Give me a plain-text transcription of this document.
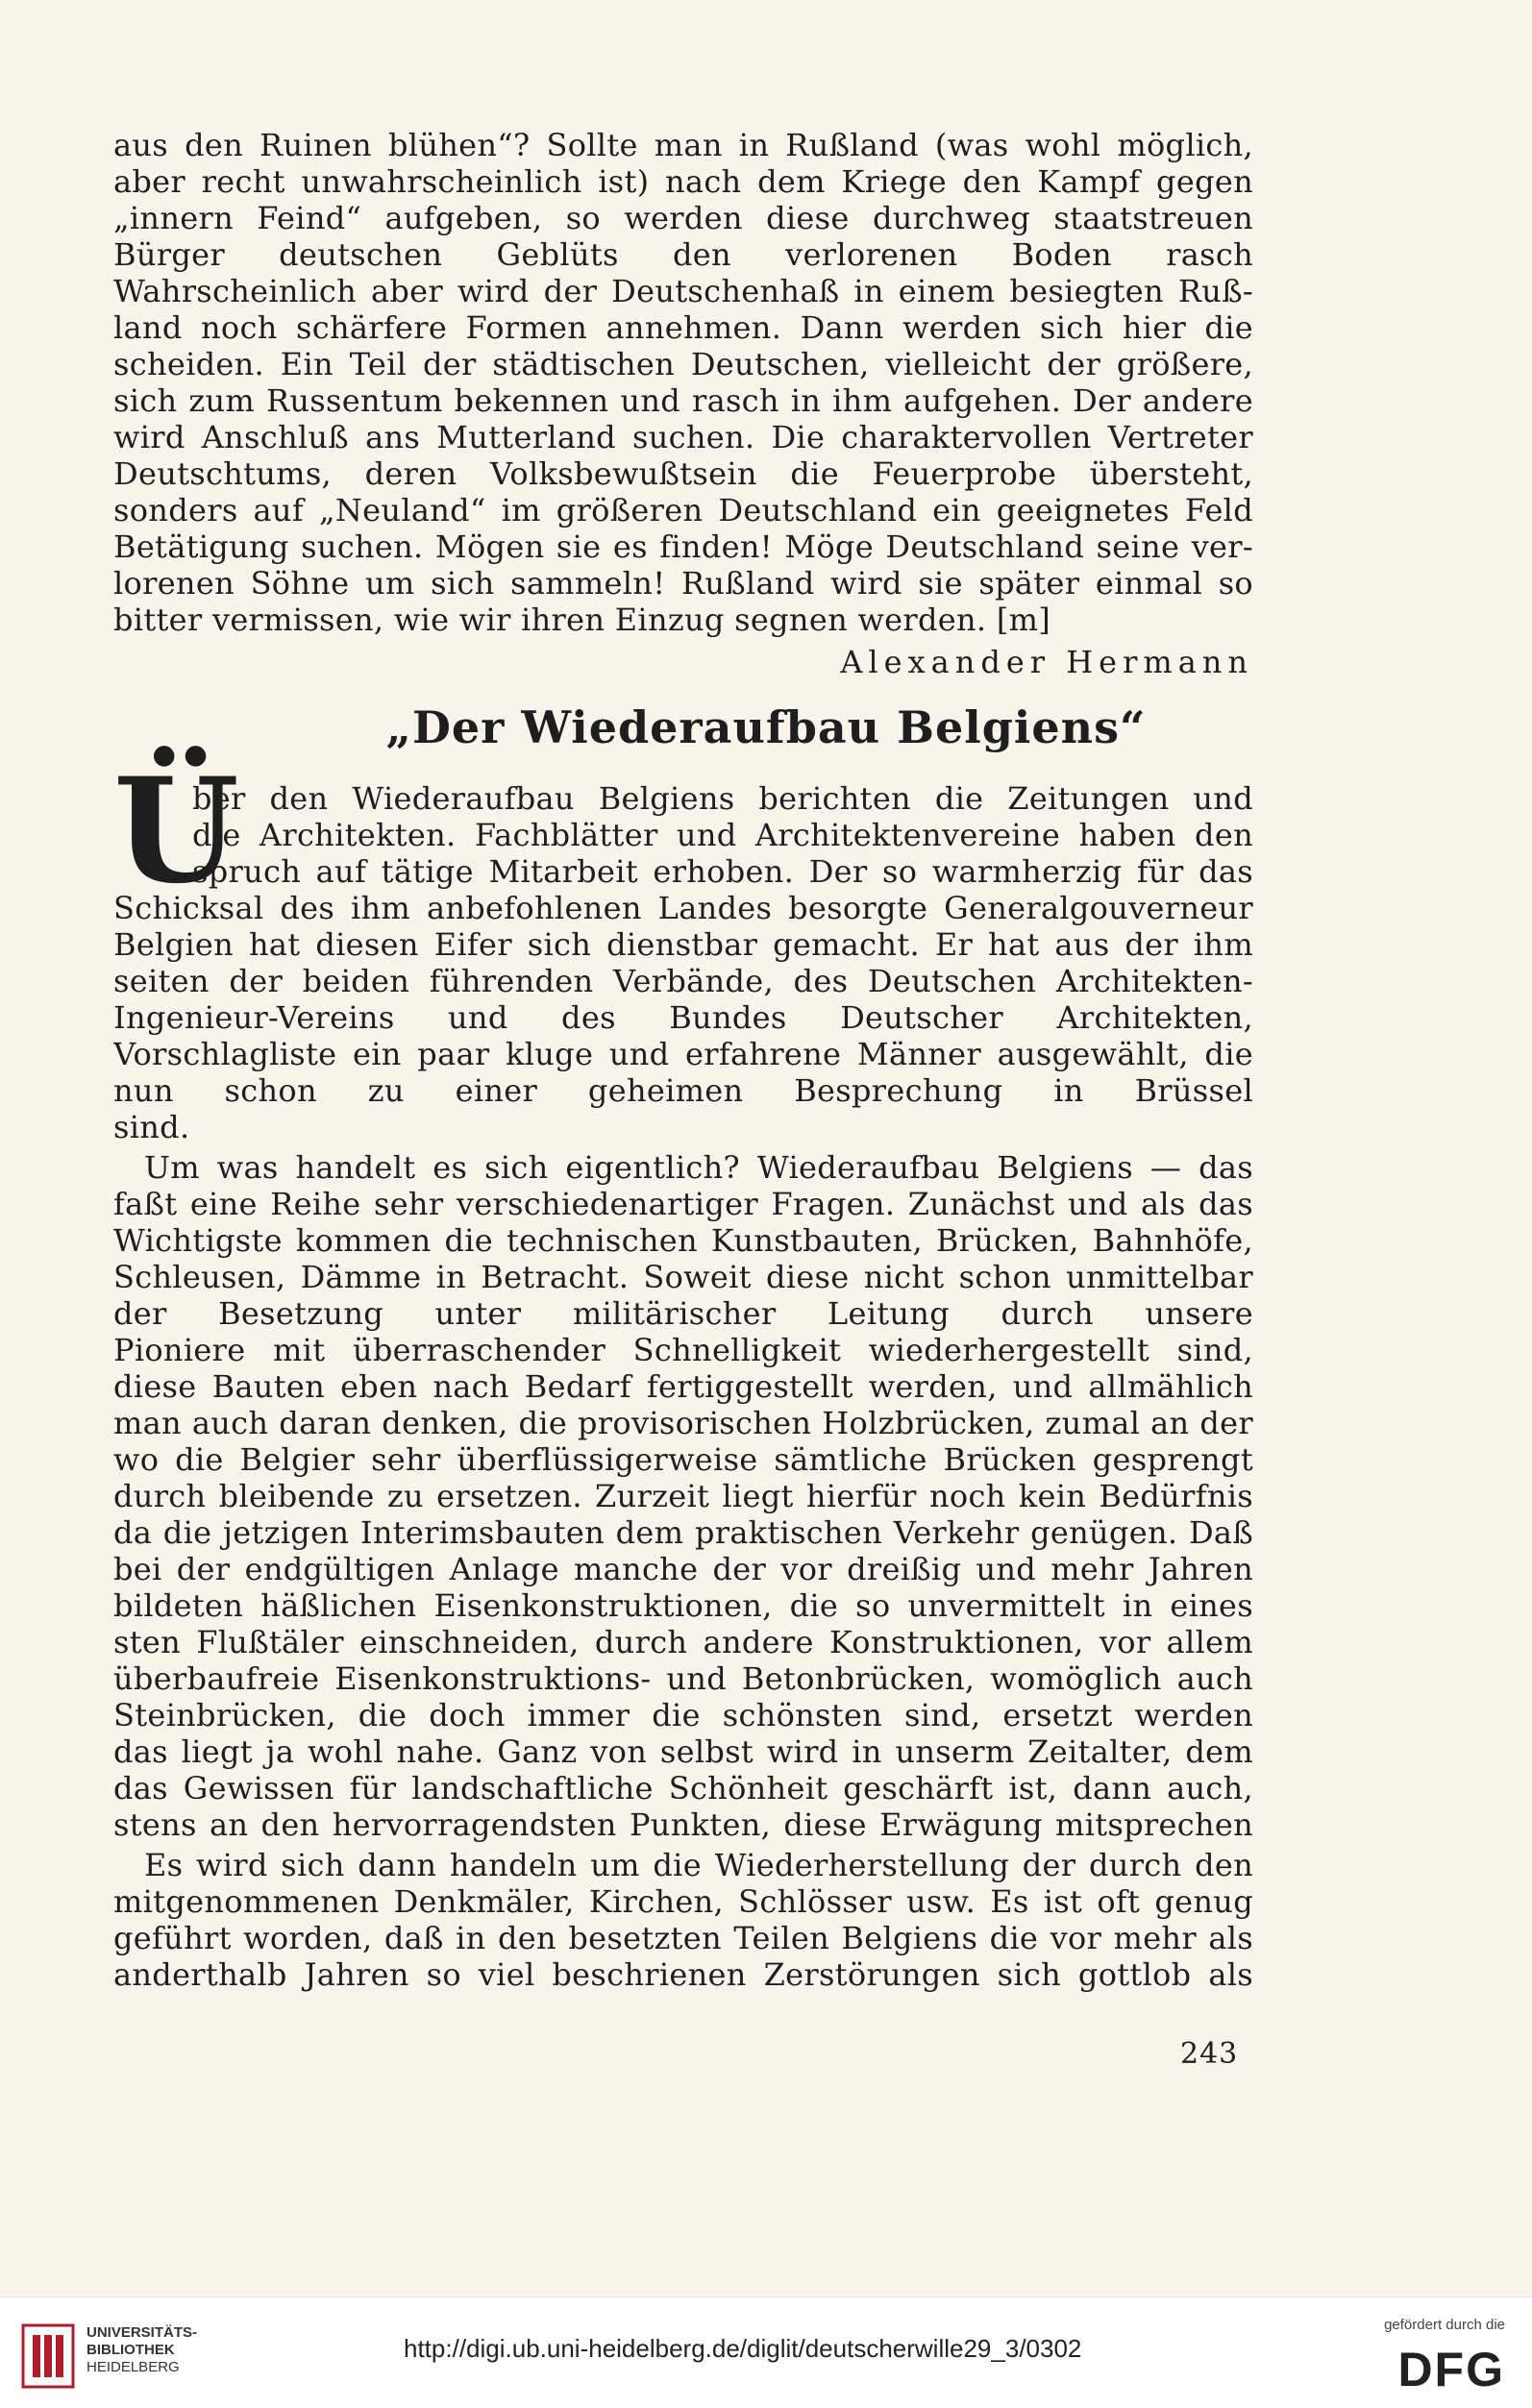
aus den Ruinen blühen“? Sollte man in Rußland (was wohl möglich,
aber recht unwahrscheinlich ist) nach dem Kriege den Kampf gegen
„innern Feind“ aufgeben, so werden diese durchweg staatstreuen
Bürger deutschen Geblüts den verlorenen Boden rasch
Wahrscheinlich aber wird der Deutschenhaß in einem besiegten Ruß-
land noch schärfere Formen annehmen. Dann werden sich hier die
scheiden. Ein Teil der städtischen Deutschen, vielleicht der größere,
sich zum Russentum bekennen und rasch in ihm aufgehen. Der andere
wird Anschluß ans Mutterland suchen. Die charaktervollen Vertreter
Deutschtums, deren Volksbewußtsein die Feuerprobe übersteht,
sonders auf „Neuland“ im größeren Deutschland ein geeignetes Feld
Betätigung suchen. Mögen sie es finden! Möge Deutschland seine ver-
lorenen Söhne um sich sammeln! Rußland wird sie später einmal so
bitter vermissen, wie wir ihren Einzug segnen werden. [m]
Alexander Hermann
„Der Wiederaufbau Belgiens“
Ü
ber den Wiederaufbau Belgiens berichten die Zeitungen und
die Architekten. Fachblätter und Architektenvereine haben den
spruch auf tätige Mitarbeit erhoben. Der so warmherzig für das
Schicksal des ihm anbefohlenen Landes besorgte Generalgouverneur
Belgien hat diesen Eifer sich dienstbar gemacht. Er hat aus der ihm
seiten der beiden führenden Verbände, des Deutschen Architekten-
Ingenieur-Vereins und des Bundes Deutscher Architekten,
Vorschlagliste ein paar kluge und erfahrene Männer ausgewählt, die
nun schon zu einer geheimen Besprechung in Brüssel
sind.
Um was handelt es sich eigentlich? Wiederaufbau Belgiens — das
faßt eine Reihe sehr verschiedenartiger Fragen. Zunächst und als das
Wichtigste kommen die technischen Kunstbauten, Brücken, Bahnhöfe,
Schleusen, Dämme in Betracht. Soweit diese nicht schon unmittelbar
der Besetzung unter militärischer Leitung durch unsere
Pioniere mit überraschender Schnelligkeit wiederhergestellt sind,
diese Bauten eben nach Bedarf fertiggestellt werden, und allmählich
man auch daran denken, die provisorischen Holzbrücken, zumal an der
wo die Belgier sehr überflüssigerweise sämtliche Brücken gesprengt
durch bleibende zu ersetzen. Zurzeit liegt hierfür noch kein Bedürfnis
da die jetzigen Interimsbauten dem praktischen Verkehr genügen. Daß
bei der endgültigen Anlage manche der vor dreißig und mehr Jahren
bildeten häßlichen Eisenkonstruktionen, die so unvermittelt in eines
sten Flußtäler einschneiden, durch andere Konstruktionen, vor allem
überbaufreie Eisenkonstruktions- und Betonbrücken, womöglich auch
Steinbrücken, die doch immer die schönsten sind, ersetzt werden
das liegt ja wohl nahe. Ganz von selbst wird in unserm Zeitalter, dem
das Gewissen für landschaftliche Schönheit geschärft ist, dann auch,
stens an den hervorragendsten Punkten, diese Erwägung mitsprechen
Es wird sich dann handeln um die Wiederherstellung der durch den
mitgenommenen Denkmäler, Kirchen, Schlösser usw. Es ist oft genug
geführt worden, daß in den besetzten Teilen Belgiens die vor mehr als
anderthalb Jahren so viel beschrienen Zerstörungen sich gottlob als
243
UNIVERSITÄTS-
BIBLIOTHEK
HEIDELBERG
http://digi.ub.uni-heidelberg.de/diglit/deutscherwille29_3/0302
gefördert durch die
DFG
